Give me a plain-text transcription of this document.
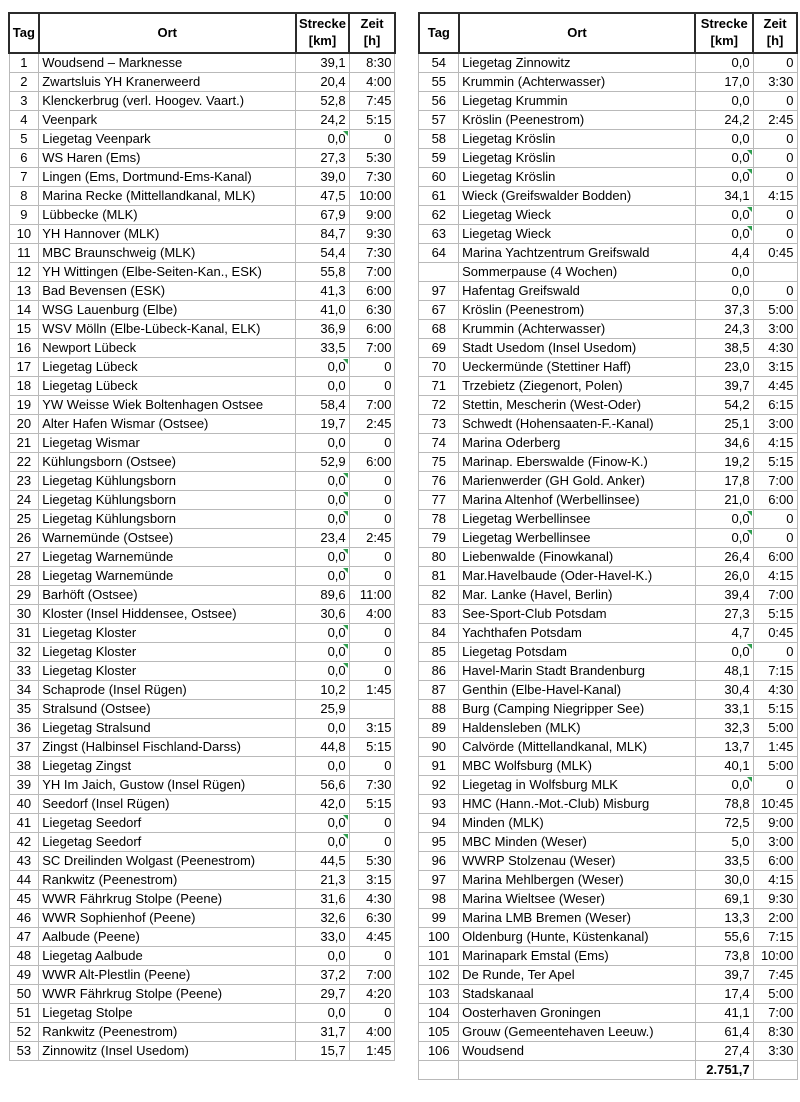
Tag	Ort	Strecke [km]	Zeit [h]
1	Woudsend – Marknesse	39,1	8:30
2	Zwartsluis YH Kranerweerd	20,4	4:00
3	Klenckerbrug (verl. Hoogev. Vaart.)	52,8	7:45
4	Veenpark	24,2	5:15
5	Liegetag Veenpark	0,0	0
6	WS Haren (Ems)	27,3	5:30
7	Lingen (Ems, Dortmund-Ems-Kanal)	39,0	7:30
8	Marina Recke (Mittellandkanal, MLK)	47,5	10:00
9	Lübbecke (MLK)	67,9	9:00
10	YH Hannover (MLK)	84,7	9:30
11	MBC Braunschweig (MLK)	54,4	7:30
12	YH Wittingen (Elbe-Seiten-Kan., ESK)	55,8	7:00
13	Bad Bevensen (ESK)	41,3	6:00
14	WSG Lauenburg (Elbe)	41,0	6:30
15	WSV Mölln (Elbe-Lübeck-Kanal, ELK)	36,9	6:00
16	Newport Lübeck	33,5	7:00
17	Liegetag Lübeck	0,0	0
18	Liegetag Lübeck	0,0	0
19	YW Weisse Wiek Boltenhagen Ostsee	58,4	7:00
20	Alter Hafen Wismar (Ostsee)	19,7	2:45
21	Liegetag Wismar	0,0	0
22	Kühlungsborn (Ostsee)	52,9	6:00
23	Liegetag Kühlungsborn	0,0	0
24	Liegetag Kühlungsborn	0,0	0
25	Liegetag Kühlungsborn	0,0	0
26	Warnemünde (Ostsee)	23,4	2:45
27	Liegetag Warnemünde	0,0	0
28	Liegetag Warnemünde	0,0	0
29	Barhöft (Ostsee)	89,6	11:00
30	Kloster (Insel Hiddensee, Ostsee)	30,6	4:00
31	Liegetag Kloster	0,0	0
32	Liegetag Kloster	0,0	0
33	Liegetag Kloster	0,0	0
34	Schaprode (Insel Rügen)	10,2	1:45
35	Stralsund (Ostsee)	25,9	
36	Liegetag Stralsund	0,0	3:15
37	Zingst (Halbinsel Fischland-Darss)	44,8	5:15
38	Liegetag Zingst	0,0	0
39	YH Im Jaich, Gustow (Insel Rügen)	56,6	7:30
40	Seedorf (Insel Rügen)	42,0	5:15
41	Liegetag Seedorf	0,0	0
42	Liegetag Seedorf	0,0	0
43	SC Dreilinden Wolgast (Peenestrom)	44,5	5:30
44	Rankwitz (Peenestrom)	21,3	3:15
45	WWR Fährkrug Stolpe (Peene)	31,6	4:30
46	WWR Sophienhof (Peene)	32,6	6:30
47	Aalbude (Peene)	33,0	4:45
48	Liegetag Aalbude	0,0	0
49	WWR Alt-Plestlin (Peene)	37,2	7:00
50	WWR Fährkrug Stolpe (Peene)	29,7	4:20
51	Liegetag Stolpe	0,0	0
52	Rankwitz (Peenestrom)	31,7	4:00
53	Zinnowitz (Insel Usedom)	15,7	1:45
Tag	Ort	Strecke [km]	Zeit [h]
54	Liegetag Zinnowitz	0,0	0
55	Krummin (Achterwasser)	17,0	3:30
56	Liegetag Krummin	0,0	0
57	Kröslin (Peenestrom)	24,2	2:45
58	Liegetag Kröslin	0,0	0
59	Liegetag Kröslin	0,0	0
60	Liegetag Kröslin	0,0	0
61	Wieck (Greifswalder Bodden)	34,1	4:15
62	Liegetag Wieck	0,0	0
63	Liegetag Wieck	0,0	0
64	Marina Yachtzentrum Greifswald	4,4	0:45
	Sommerpause (4 Wochen)	0,0	
97	Hafentag Greifswald	0,0	0
67	Kröslin (Peenestrom)	37,3	5:00
68	Krummin (Achterwasser)	24,3	3:00
69	Stadt Usedom (Insel Usedom)	38,5	4:30
70	Ueckermünde (Stettiner Haff)	23,0	3:15
71	Trzebietz (Ziegenort, Polen)	39,7	4:45
72	Stettin, Mescherin (West-Oder)	54,2	6:15
73	Schwedt (Hohensaaten-F.-Kanal)	25,1	3:00
74	Marina Oderberg	34,6	4:15
75	Marinap. Eberswalde (Finow-K.)	19,2	5:15
76	Marienwerder (GH Gold. Anker)	17,8	7:00
77	Marina Altenhof (Werbellinsee)	21,0	6:00
78	Liegetag Werbellinsee	0,0	0
79	Liegetag Werbellinsee	0,0	0
80	Liebenwalde (Finowkanal)	26,4	6:00
81	Mar.Havelbaude (Oder-Havel-K.)	26,0	4:15
82	Mar. Lanke (Havel, Berlin)	39,4	7:00
83	See-Sport-Club Potsdam	27,3	5:15
84	Yachthafen Potsdam	4,7	0:45
85	Liegetag Potsdam	0,0	0
86	Havel-Marin Stadt Brandenburg	48,1	7:15
87	Genthin (Elbe-Havel-Kanal)	30,4	4:30
88	Burg (Camping Niegripper See)	33,1	5:15
89	Haldensleben (MLK)	32,3	5:00
90	Calvörde (Mittellandkanal, MLK)	13,7	1:45
91	MBC Wolfsburg (MLK)	40,1	5:00
92	Liegetag in Wolfsburg MLK	0,0	0
93	HMC (Hann.-Mot.-Club) Misburg	78,8	10:45
94	Minden (MLK)	72,5	9:00
95	MBC Minden (Weser)	5,0	3:00
96	WWRP Stolzenau (Weser)	33,5	6:00
97	Marina Mehlbergen (Weser)	30,0	4:15
98	Marina Wieltsee (Weser)	69,1	9:30
99	Marina LMB Bremen (Weser)	13,3	2:00
100	Oldenburg (Hunte, Küstenkanal)	55,6	7:15
101	Marinapark Emstal (Ems)	73,8	10:00
102	De Runde, Ter Apel	39,7	7:45
103	Stadskanaal	17,4	5:00
104	Oosterhaven Groningen	41,1	7:00
105	Grouw (Gemeentehaven Leeuw.)	61,4	8:30
106	Woudsend	27,4	3:30
		2.751,7	
